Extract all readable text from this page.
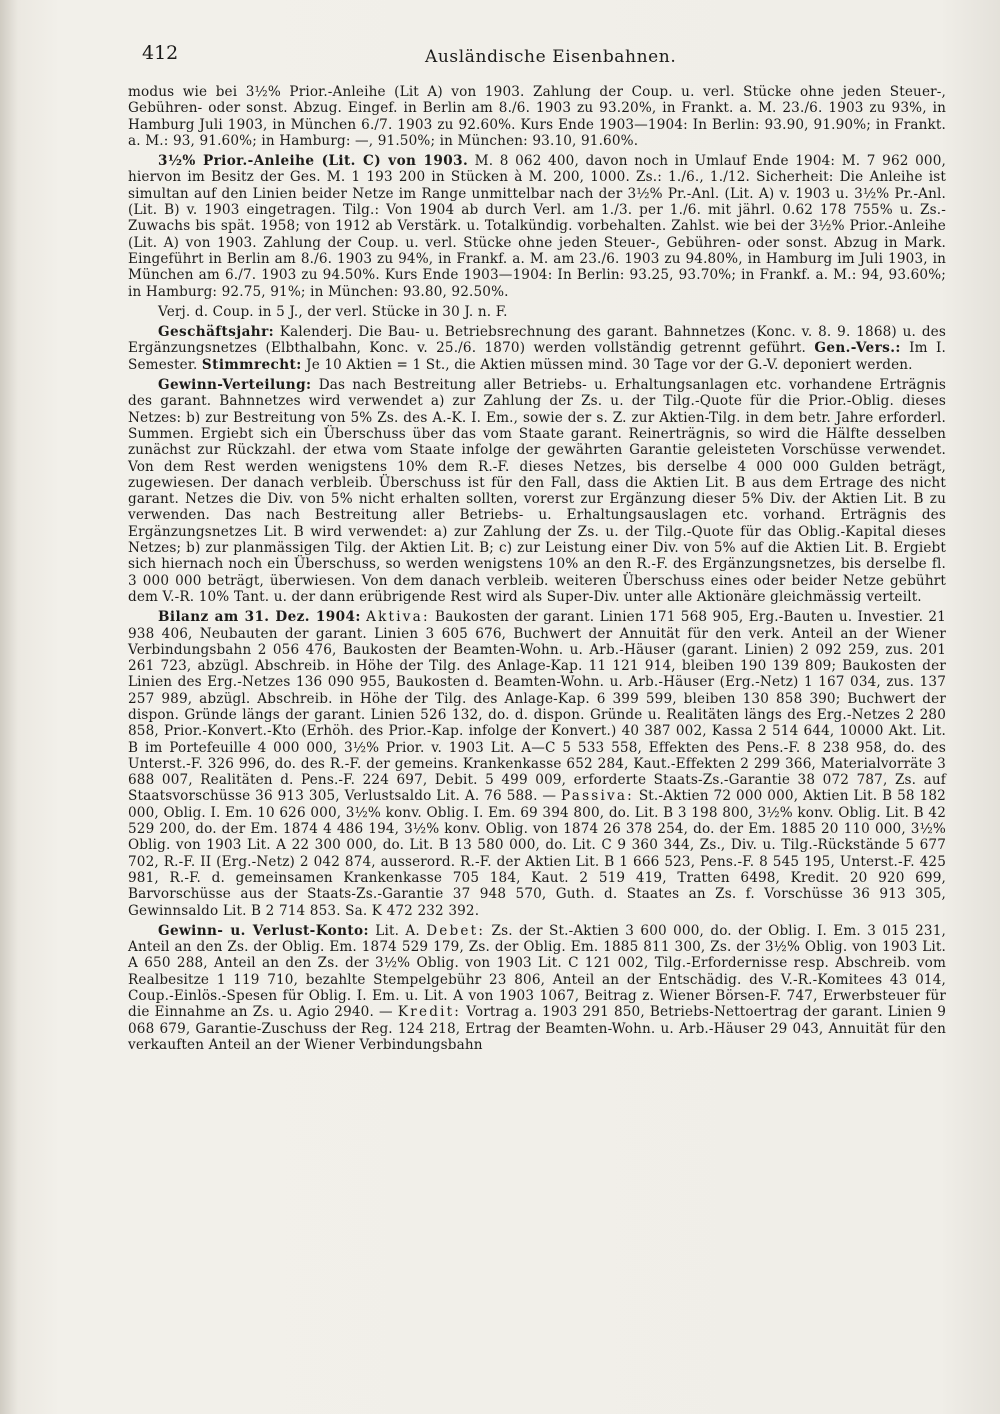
412	Ausländische Eisenbahnen.

modus wie bei 3½% Prior.-Anleihe (Lit A) von 1903. Zahlung der Coup. u. verl. Stücke ohne jeden Steuer-, Gebühren- oder sonst. Abzug. Eingef. in Berlin am 8./6. 1903 zu 93.20%, in Frankt. a. M. 23./6. 1903 zu 93%, in Hamburg Juli 1903, in München 6./7. 1903 zu 92.60%. Kurs Ende 1903—1904: In Berlin: 93.90, 91.90%; in Frankt. a. M.: 93, 91.60%; in Hamburg: —, 91.50%; in München: 93.10, 91.60%.

3½% Prior.-Anleihe (Lit. C) von 1903. M. 8 062 400, davon noch in Umlauf Ende 1904: M. 7 962 000, hiervon im Besitz der Ges. M. 1 193 200 in Stücken à M. 200, 1000. Zs.: 1./6., 1./12. Sicherheit: Die Anleihe ist simultan auf den Linien beider Netze im Range unmittelbar nach der 3½% Pr.-Anl. (Lit. A) v. 1903 u. 3½% Pr.-Anl. (Lit. B) v. 1903 eingetragen. Tilg.: Von 1904 ab durch Verl. am 1./3. per 1./6. mit jährl. 0.62 178 755% u. Zs.-Zuwachs bis spät. 1958; von 1912 ab Verstärk. u. Totalkündig. vorbehalten. Zahlst. wie bei der 3½% Prior.-Anleihe (Lit. A) von 1903. Zahlung der Coup. u. verl. Stücke ohne jeden Steuer-, Gebühren- oder sonst. Abzug in Mark. Eingeführt in Berlin am 8./6. 1903 zu 94%, in Frankf. a. M. am 23./6. 1903 zu 94.80%, in Hamburg im Juli 1903, in München am 6./7. 1903 zu 94.50%. Kurs Ende 1903—1904: In Berlin: 93.25, 93.70%; in Frankf. a. M.: 94, 93.60%; in Hamburg: 92.75, 91%; in München: 93.80, 92.50%.

Verj. d. Coup. in 5 J., der verl. Stücke in 30 J. n. F.

Geschäftsjahr: Kalenderj. Die Bau- u. Betriebsrechnung des garant. Bahnnetzes (Konc. v. 8. 9. 1868) u. des Ergänzungsnetzes (Elbthalbahn, Konc. v. 25./6. 1870) werden vollständig getrennt geführt. Gen.-Vers.: Im I. Semester. Stimmrecht: Je 10 Aktien = 1 St., die Aktien müssen mind. 30 Tage vor der G.-V. deponiert werden.

Gewinn-Verteilung: Das nach Bestreitung aller Betriebs- u. Erhaltungsanlagen etc. vorhandene Erträgnis des garant. Bahnnetzes wird verwendet a) zur Zahlung der Zs. u. der Tilg.-Quote für die Prior.-Oblig. dieses Netzes: b) zur Bestreitung von 5% Zs. des A.-K. I. Em., sowie der s. Z. zur Aktien-Tilg. in dem betr. Jahre erforderl. Summen. Ergiebt sich ein Überschuss über das vom Staate garant. Reinerträgnis, so wird die Hälfte desselben zunächst zur Rückzahl. der etwa vom Staate infolge der gewährten Garantie geleisteten Vorschüsse verwendet. Von dem Rest werden wenigstens 10% dem R.-F. dieses Netzes, bis derselbe 4 000 000 Gulden beträgt, zugewiesen. Der danach verbleib. Überschuss ist für den Fall, dass die Aktien Lit. B aus dem Ertrage des nicht garant. Netzes die Div. von 5% nicht erhalten sollten, vorerst zur Ergänzung dieser 5% Div. der Aktien Lit. B zu verwenden. Das nach Bestreitung aller Betriebs- u. Erhaltungsauslagen etc. vorhand. Erträgnis des Ergänzungsnetzes Lit. B wird verwendet: a) zur Zahlung der Zs. u. der Tilg.-Quote für das Oblig.-Kapital dieses Netzes; b) zur planmässigen Tilg. der Aktien Lit. B; c) zur Leistung einer Div. von 5% auf die Aktien Lit. B. Ergiebt sich hiernach noch ein Überschuss, so werden wenigstens 10% an den R.-F. des Ergänzungsnetzes, bis derselbe fl. 3 000 000 beträgt, überwiesen. Von dem danach verbleib. weiteren Überschuss eines oder beider Netze gebührt dem V.-R. 10% Tant. u. der dann erübrigende Rest wird als Super-Div. unter alle Aktionäre gleichmässig verteilt.

Bilanz am 31. Dez. 1904: Aktiva: Baukosten der garant. Linien 171 568 905, Erg.-Bauten u. Investier. 21 938 406, Neubauten der garant. Linien 3 605 676, Buchwert der Annuität für den verk. Anteil an der Wiener Verbindungsbahn 2 056 476, Baukosten der Beamten-Wohn. u. Arb.-Häuser (garant. Linien) 2 092 259, zus. 201 261 723, abzügl. Abschreib. in Höhe der Tilg. des Anlage-Kap. 11 121 914, bleiben 190 139 809; Baukosten der Linien des Erg.-Netzes 136 090 955, Baukosten d. Beamten-Wohn. u. Arb.-Häuser (Erg.-Netz) 1 167 034, zus. 137 257 989, abzügl. Abschreib. in Höhe der Tilg. des Anlage-Kap. 6 399 599, bleiben 130 858 390; Buchwert der dispon. Gründe längs der garant. Linien 526 132, do. d. dispon. Gründe u. Realitäten längs des Erg.-Netzes 2 280 858, Prior.-Konvert.-Kto (Erhöh. des Prior.-Kap. infolge der Konvert.) 40 387 002, Kassa 2 514 644, 10000 Akt. Lit. B im Portefeuille 4 000 000, 3½% Prior. v. 1903 Lit. A—C 5 533 558, Effekten des Pens.-F. 8 238 958, do. des Unterst.-F. 326 996, do. des R.-F. der gemeins. Krankenkasse 652 284, Kaut.-Effekten 2 299 366, Materialvorräte 3 688 007, Realitäten d. Pens.-F. 224 697, Debit. 5 499 009, erforderte Staats-Zs.-Garantie 38 072 787, Zs. auf Staatsvorschüsse 36 913 305, Verlustsaldo Lit. A. 76 588. — Passiva: St.-Aktien 72 000 000, Aktien Lit. B 58 182 000, Oblig. I. Em. 10 626 000, 3½% konv. Oblig. I. Em. 69 394 800, do. Lit. B 3 198 800, 3½% konv. Oblig. Lit. B 42 529 200, do. der Em. 1874 4 486 194, 3½% konv. Oblig. von 1874 26 378 254, do. der Em. 1885 20 110 000, 3½% Oblig. von 1903 Lit. A 22 300 000, do. Lit. B 13 580 000, do. Lit. C 9 360 344, Zs., Div. u. Tilg.-Rückstände 5 677 702, R.-F. II (Erg.-Netz) 2 042 874, ausserord. R.-F. der Aktien Lit. B 1 666 523, Pens.-F. 8 545 195, Unterst.-F. 425 981, R.-F. d. gemeinsamen Krankenkasse 705 184, Kaut. 2 519 419, Tratten 6498, Kredit. 20 920 699, Barvorschüsse aus der Staats-Zs.-Garantie 37 948 570, Guth. d. Staates an Zs. f. Vorschüsse 36 913 305, Gewinnsaldo Lit. B 2 714 853. Sa. K 472 232 392.

Gewinn- u. Verlust-Konto: Lit. A. Debet: Zs. der St.-Aktien 3 600 000, do. der Oblig. I. Em. 3 015 231, Anteil an den Zs. der Oblig. Em. 1874 529 179, Zs. der Oblig. Em. 1885 811 300, Zs. der 3½% Oblig. von 1903 Lit. A 650 288, Anteil an den Zs. der 3½% Oblig. von 1903 Lit. C 121 002, Tilg.-Erfordernisse resp. Abschreib. vom Realbesitze 1 119 710, bezahlte Stempelgebühr 23 806, Anteil an der Entschädig. des V.-R.-Komitees 43 014, Coup.-Einlös.-Spesen für Oblig. I. Em. u. Lit. A von 1903 1067, Beitrag z. Wiener Börsen-F. 747, Erwerbsteuer für die Einnahme an Zs. u. Agio 2940. — Kredit: Vortrag a. 1903 291 850, Betriebs-Nettoertrag der garant. Linien 9 068 679, Garantie-Zuschuss der Reg. 124 218, Ertrag der Beamten-Wohn. u. Arb.-Häuser 29 043, Annuität für den verkauften Anteil an der Wiener Verbindungsbahn
